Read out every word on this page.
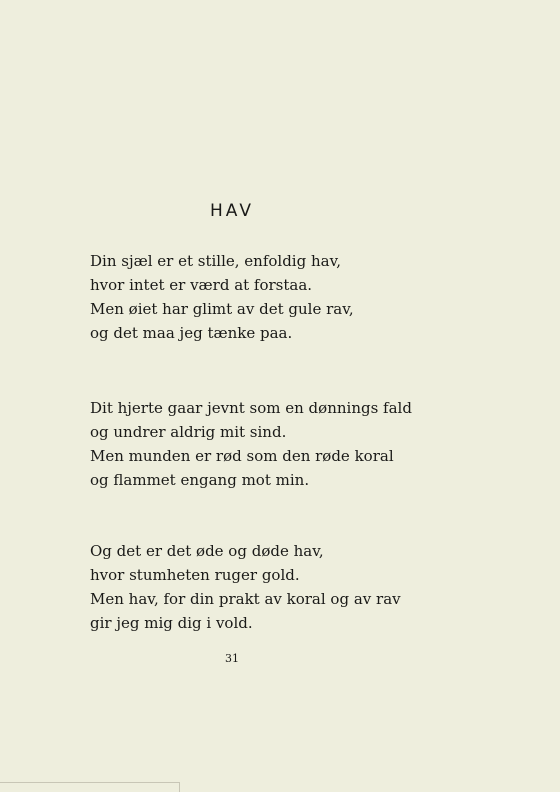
HAV
Din sjæl er et stille, enfoldig hav,
hvor intet er værd at forstaa.
Men øiet har glimt av det gule rav,
og det maa jeg tænke paa.
Dit hjerte gaar jevnt som en dønnings fald
og undrer aldrig mit sind.
Men munden er rød som den røde koral
og flammet engang mot min.
Og det er det øde og døde hav,
hvor stumheten ruger gold.
Men hav, for din prakt av koral og av rav
gir jeg mig dig i vold.
31
